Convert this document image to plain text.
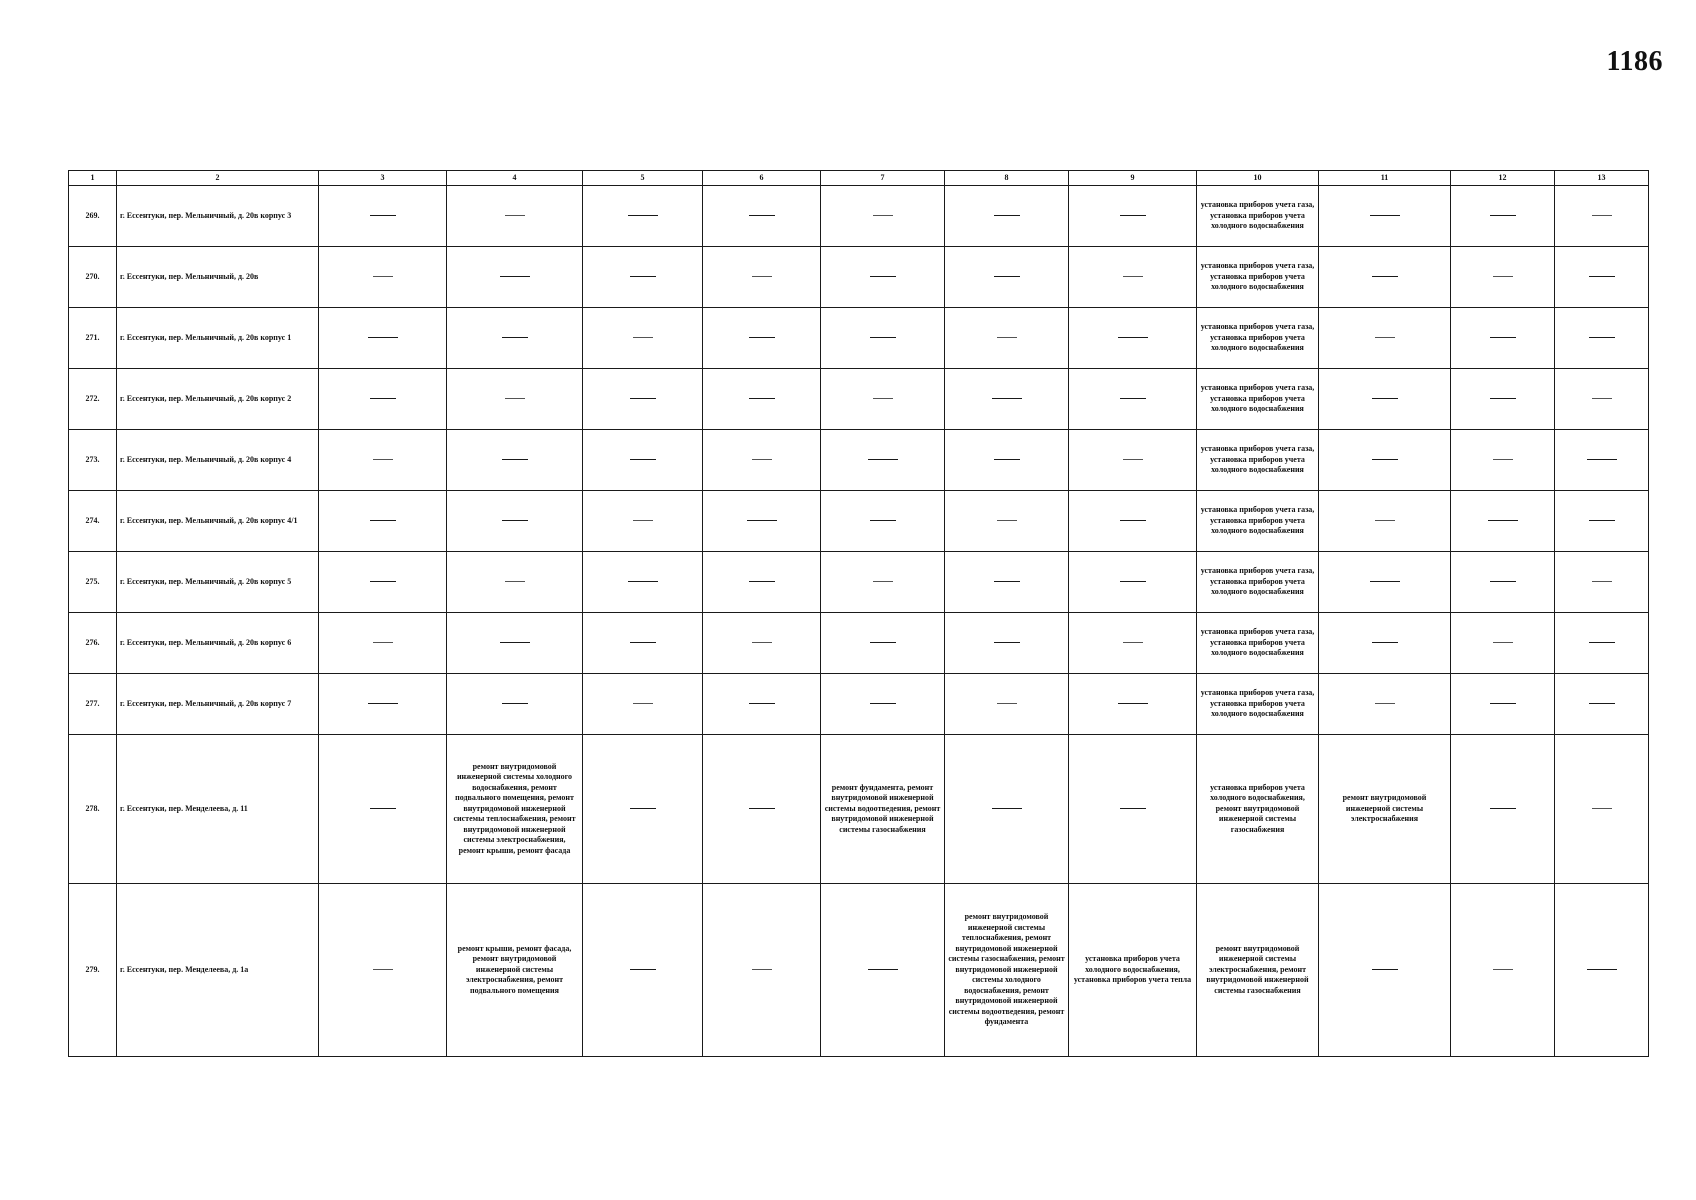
1186
1	2	3	4	5	6	7	8	9	10	11	12	13
269.	г. Ессентуки, пер. Мельничный, д. 20в корпус 3								установка приборов учета газа, установка приборов учета холодного водоснабжения			
270.	г. Ессентуки, пер. Мельничный, д. 20в								установка приборов учета газа, установка приборов учета холодного водоснабжения			
271.	г. Ессентуки, пер. Мельничный, д. 20в корпус 1								установка приборов учета газа, установка приборов учета холодного водоснабжения			
272.	г. Ессентуки, пер. Мельничный, д. 20в корпус 2								установка приборов учета газа, установка приборов учета холодного водоснабжения			
273.	г. Ессентуки, пер. Мельничный, д. 20в корпус 4								установка приборов учета газа, установка приборов учета холодного водоснабжения			
274.	г. Ессентуки, пер. Мельничный, д. 20в корпус 4/1								установка приборов учета газа, установка приборов учета холодного водоснабжения			
275.	г. Ессентуки, пер. Мельничный, д. 20в корпус 5								установка приборов учета газа, установка приборов учета холодного водоснабжения			
276.	г. Ессентуки, пер. Мельничный, д. 20в корпус 6								установка приборов учета газа, установка приборов учета холодного водоснабжения			
277.	г. Ессентуки, пер. Мельничный, д. 20в корпус 7								установка приборов учета газа, установка приборов учета холодного водоснабжения			
278.	г. Ессентуки, пер. Менделеева, д. 11		ремонт внутридомовой инженерной системы холодного водоснабжения, ремонт подвального помещения, ремонт внутридомовой инженерной системы теплоснабжения, ремонт внутридомовой инженерной системы электроснабжения, ремонт крыши, ремонт фасада			ремонт фундамента, ремонт внутридомовой инженерной системы водоотведения, ремонт внутридомовой инженерной системы газоснабжения			установка приборов учета холодного водоснабжения, ремонт внутридомовой инженерной системы газоснабжения	ремонт внутридомовой инженерной системы электроснабжения		
279.	г. Ессентуки, пер. Менделеева, д. 1а		ремонт крыши, ремонт фасада, ремонт внутридомовой инженерной системы электроснабжения, ремонт подвального помещения				ремонт внутридомовой инженерной системы теплоснабжения, ремонт внутридомовой инженерной системы газоснабжения, ремонт внутридомовой инженерной системы холодного водоснабжения, ремонт внутридомовой инженерной системы водоотведения, ремонт фундамента	установка приборов учета холодного водоснабжения, установка приборов учета тепла	ремонт внутридомовой инженерной системы электроснабжения, ремонт внутридомовой инженерной системы газоснабжения			
